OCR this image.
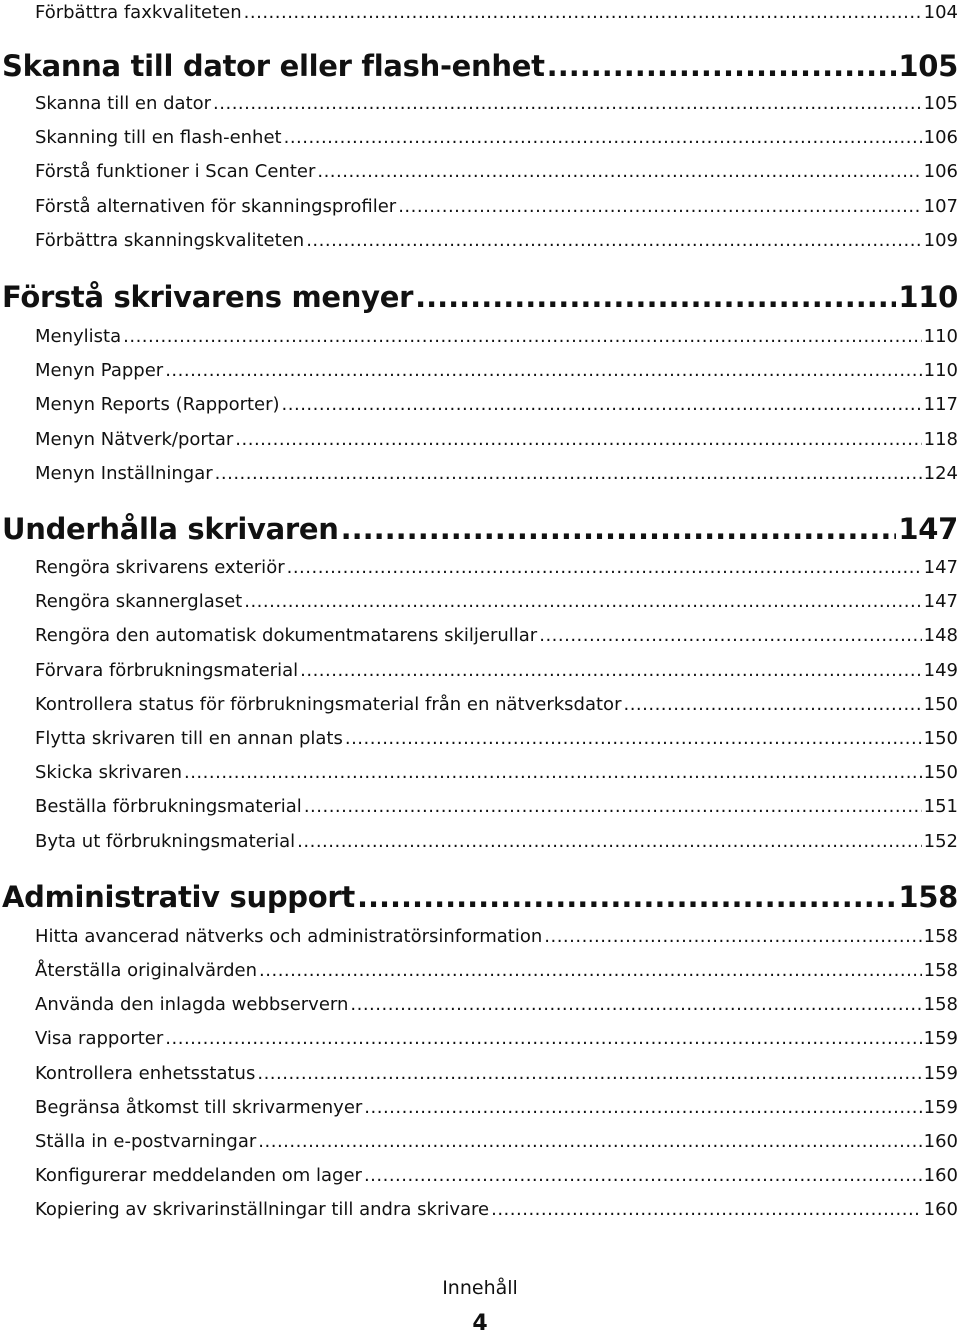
Förbättra faxkvaliteten .....	104
Skanna till dator eller flash-enhet .....	105
Skanna till en dator .....	105
Skanning till en flash-enhet .....	106
Förstå funktioner i Scan Center .....	106
Förstå alternativen för skanningsprofiler .....	107
Förbättra skanningskvaliteten .....	109
Förstå skrivarens menyer .....	110
Menylista .....	110
Menyn Papper .....	110
Menyn Reports (Rapporter) .....	117
Menyn Nätverk/portar .....	118
Menyn Inställningar .....	124
Underhålla skrivaren .....	147
Rengöra skrivarens exteriör .....	147
Rengöra skannerglaset .....	147
Rengöra den automatisk dokumentmatarens skiljerullar .....	148
Förvara förbrukningsmaterial .....	149
Kontrollera status för förbrukningsmaterial från en nätverksdator .....	150
Flytta skrivaren till en annan plats .....	150
Skicka skrivaren .....	150
Beställa förbrukningsmaterial .....	151
Byta ut förbrukningsmaterial .....	152
Administrativ support .....	158
Hitta avancerad nätverks och administratörsinformation .....	158
Återställa originalvärden .....	158
Använda den inlagda webbservern .....	158
Visa rapporter .....	159
Kontrollera enhetsstatus .....	159
Begränsa åtkomst till skrivarmenyer .....	159
Ställa in e-postvarningar .....	160
Konfigurerar meddelanden om lager .....	160
Kopiering av skrivarinställningar till andra skrivare .....	160
Innehåll
4
